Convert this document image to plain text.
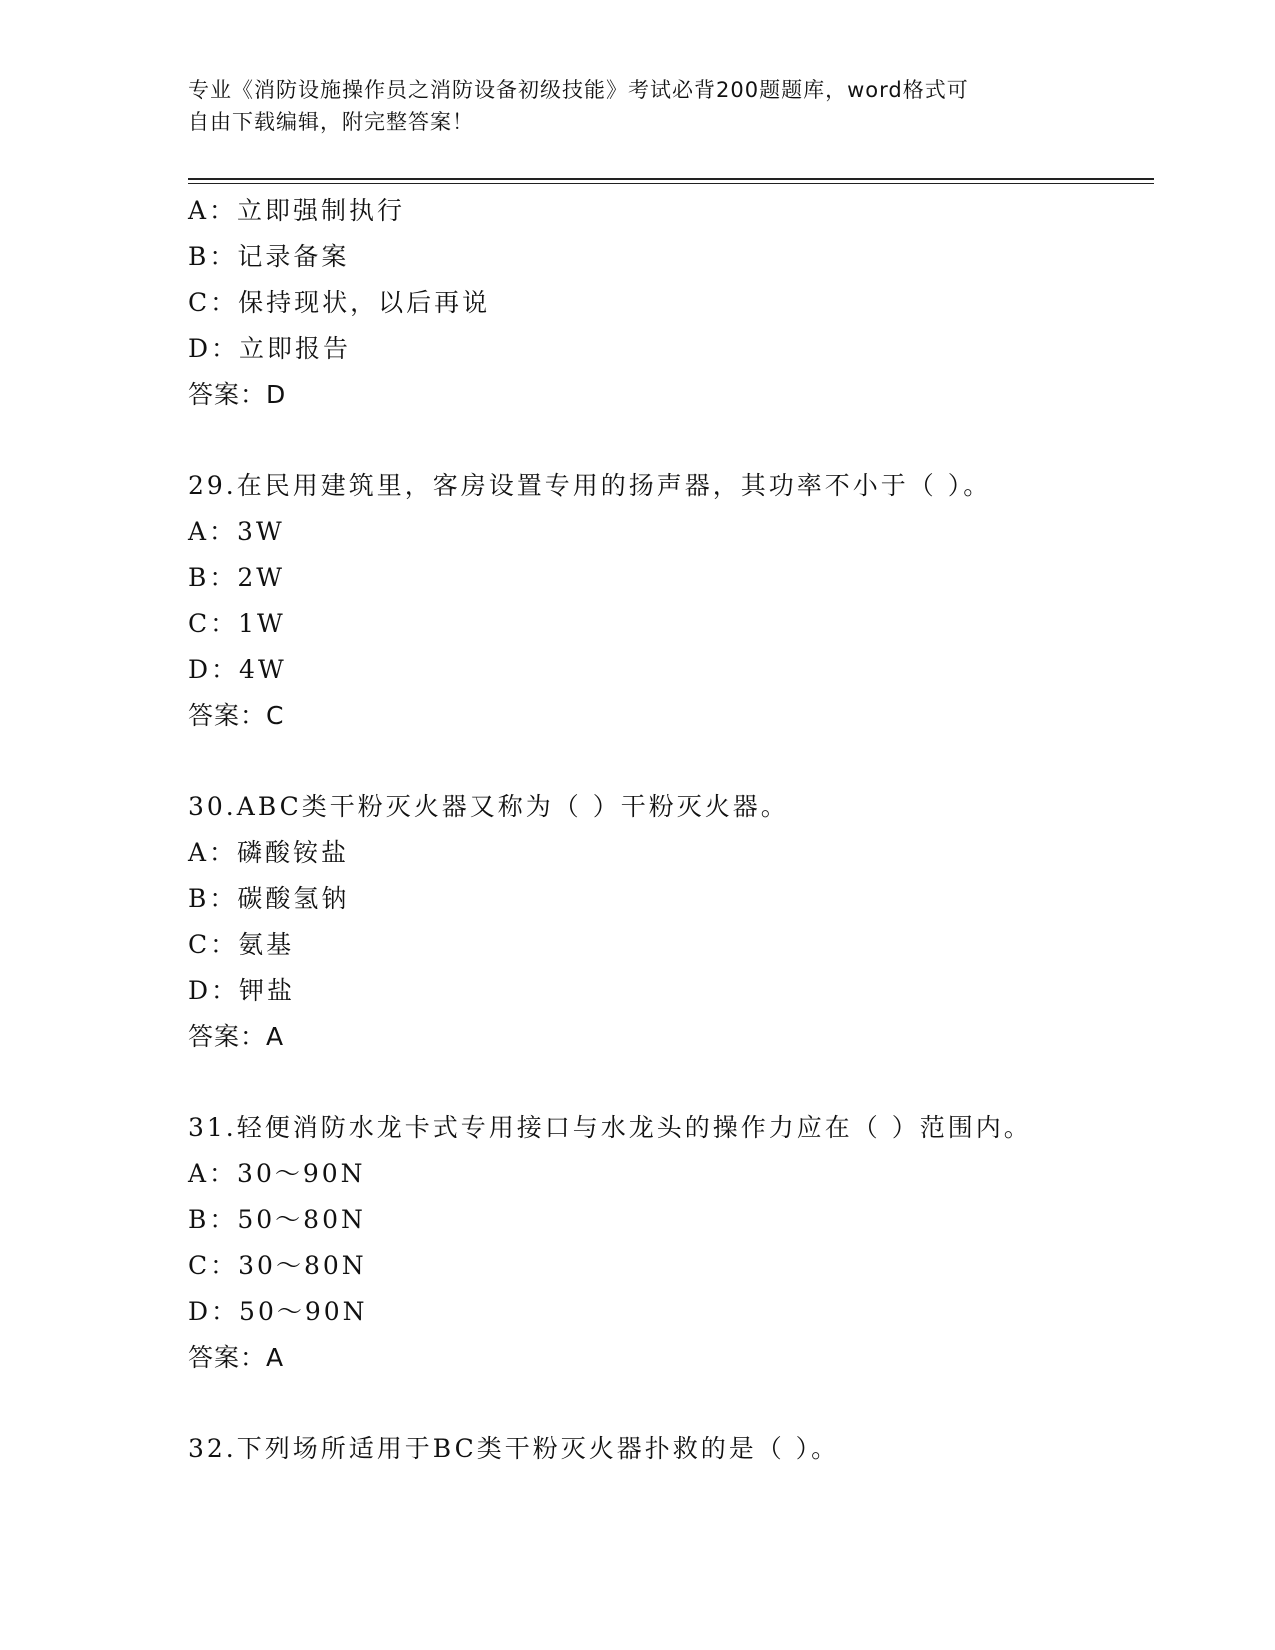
专业《消防设施操作员之消防设备初级技能》考试必背200题题库，word格式可
自由下载编辑，附完整答案！
A：立即强制执行
B：记录备案
C：保持现状，以后再说
D：立即报告
答案：D
29.在民用建筑里，客房设置专用的扬声器，其功率不小于（ ）。
A：3W
B：2W
C：1W
D：4W
答案：C
30.ABC类干粉灭火器又称为（ ）干粉灭火器。
A：磷酸铵盐
B：碳酸氢钠
C：氨基
D：钾盐
答案：A
31.轻便消防水龙卡式专用接口与水龙头的操作力应在（ ）范围内。
A：30～90N
B：50～80N
C：30～80N
D：50～90N
答案：A
32.下列场所适用于BC类干粉灭火器扑救的是（ ）。
